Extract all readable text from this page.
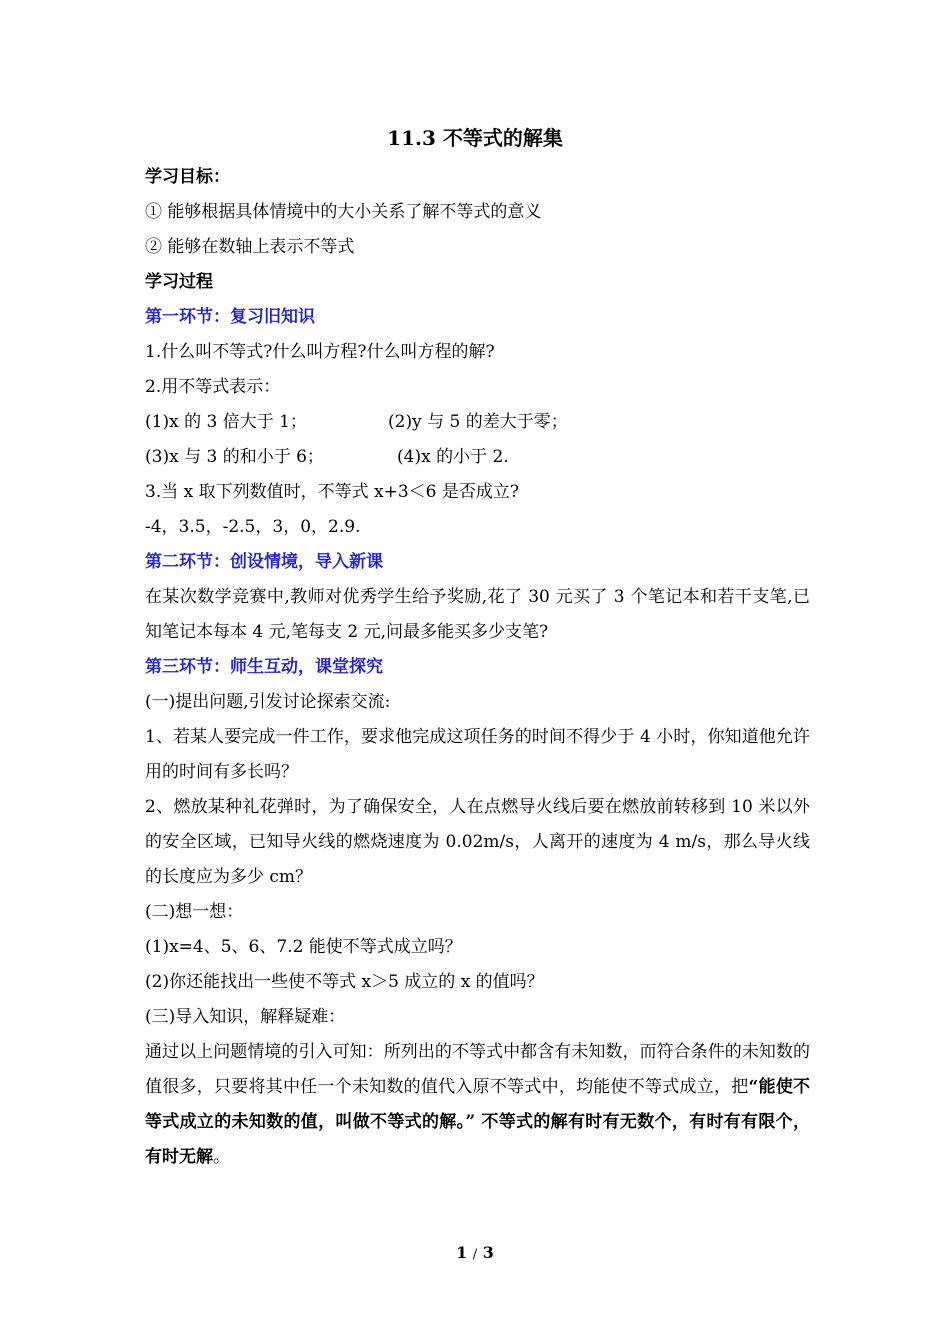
11.3 不等式的解集
学习目标：
① 能够根据具体情境中的大小关系了解不等式的意义
② 能够在数轴上表示不等式
学习过程
第一环节：复习旧知识
1.什么叫不等式?什么叫方程?什么叫方程的解?
2.用不等式表示：
(1)x 的 3 倍大于 1；	(2)y 与 5 的差大于零；
(3)x 与 3 的和小于 6；	(4)x 的小于 2.
3.当 x 取下列数值时，不等式 x+3＜6 是否成立?
-4，3.5，-2.5，3，0，2.9.
第二环节：创设情境，导入新课
在某次数学竞赛中,教师对优秀学生给予奖励,花了 30 元买了 3 个笔记本和若干支笔,已知笔记本每本 4 元,笔每支 2 元,问最多能买多少支笔?
第三环节：师生互动，课堂探究
(一)提出问题,引发讨论探索交流:
1、若某人要完成一件工作，要求他完成这项任务的时间不得少于 4 小时，你知道他允许用的时间有多长吗？
2、燃放某种礼花弹时，为了确保安全，人在点燃导火线后要在燃放前转移到 10 米以外的安全区域，已知导火线的燃烧速度为 0.02m/s，人离开的速度为 4 m/s，那么导火线的长度应为多少 cm？
(二)想一想：
(1)x=4、5、6、7.2 能使不等式成立吗？
(2)你还能找出一些使不等式 x＞5 成立的 x 的值吗？
(三)导入知识，解释疑难：
通过以上问题情境的引入可知：所列出的不等式中都含有未知数，而符合条件的未知数的值很多，只要将其中任一个未知数的值代入原不等式中，均能使不等式成立，把“能使不等式成立的未知数的值，叫做不等式的解。” 不等式的解有时有无数个，有时有有限个，有时无解。
1 / 3
